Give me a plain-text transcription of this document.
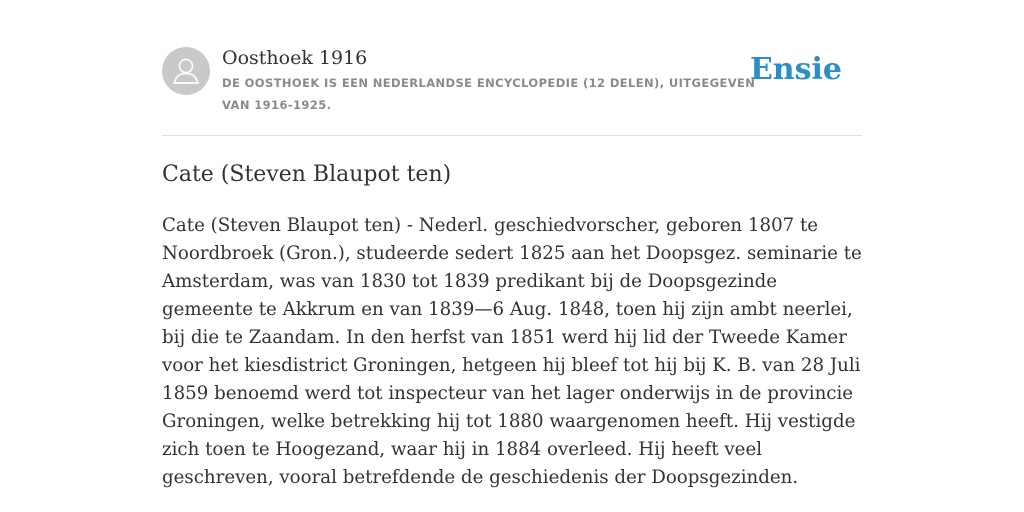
Oosthoek 1916
DE OOSTHOEK IS EEN NEDERLANDSE ENCYCLOPEDIE (12 DELEN), UITGEGEVEN VAN 1916-1925.
Ensie
Cate (Steven Blaupot ten)

Cate (Steven Blaupot ten) - Nederl. geschiedvorscher, geboren 1807 te Noordbroek (Gron.), studeerde sedert 1825 aan het Doopsgez. seminarie te Amsterdam, was van 1830 tot 1839 predikant bij de Doopsgezinde gemeente te Akkrum en van 1839—6 Aug. 1848, toen hij zijn ambt neerlei, bij die te Zaandam. In den herfst van 1851 werd hij lid der Tweede Kamer voor het kiesdistrict Groningen, hetgeen hij bleef tot hij bij K. B. van 28 Juli 1859 benoemd werd tot inspecteur van het lager onderwijs in de provincie Groningen, welke betrekking hij tot 1880 waargenomen heeft. Hij vestigde zich toen te Hoogezand, waar hij in 1884 overleed. Hij heeft veel geschreven, vooral betrefdende de geschiedenis der Doopsgezinden.
